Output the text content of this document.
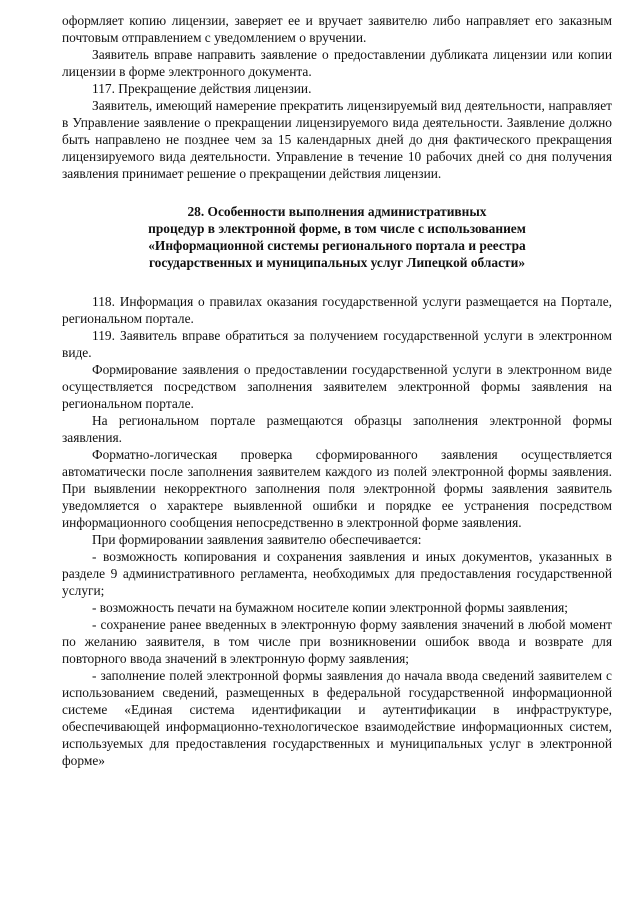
оформляет копию лицензии, заверяет ее и вручает заявителю либо направляет его заказным почтовым отправлением с уведомлением о вручении.

Заявитель вправе направить заявление о предоставлении дубликата лицензии или копии лицензии в форме электронного документа.

117. Прекращение действия лицензии.

Заявитель, имеющий намерение прекратить лицензируемый вид деятельности, направляет в Управление заявление о прекращении лицензируемого вида деятельности. Заявление должно быть направлено не позднее чем за 15 календарных дней до дня фактического прекращения лицензируемого вида деятельности. Управление в течение 10 рабочих дней со дня получения заявления принимает решение о прекращении действия лицензии.

28. Особенности выполнения административных
процедур в электронной форме, в том числе с использованием
«Информационной системы регионального портала и реестра
государственных и муниципальных услуг Липецкой области»

118. Информация о правилах оказания государственной услуги размещается на Портале, региональном портале.

119. Заявитель вправе обратиться за получением государственной услуги в электронном виде.

Формирование заявления о предоставлении государственной услуги в электронном виде осуществляется посредством заполнения заявителем электронной формы заявления на региональном портале.

На региональном портале размещаются образцы заполнения электронной формы заявления.

Форматно-логическая проверка сформированного заявления осуществляется автоматически после заполнения заявителем каждого из полей электронной формы заявления. При выявлении некорректного заполнения поля электронной формы заявления заявитель уведомляется о характере выявленной ошибки и порядке ее устранения посредством информационного сообщения непосредственно в электронной форме заявления.

При формировании заявления заявителю обеспечивается:

- возможность копирования и сохранения заявления и иных документов, указанных в разделе 9 административного регламента, необходимых для предоставления государственной услуги;

- возможность печати на бумажном носителе копии электронной формы заявления;

- сохранение ранее введенных в электронную форму заявления значений в любой момент по желанию заявителя, в том числе при возникновении ошибок ввода и возврате для повторного ввода значений в электронную форму заявления;

- заполнение полей электронной формы заявления до начала ввода сведений заявителем с использованием сведений, размещенных в федеральной государственной информационной системе «Единая система идентификации и аутентификации в инфраструктуре, обеспечивающей информационно-технологическое взаимодействие информационных систем, используемых для предоставления государственных и муниципальных услуг в электронной форме»
